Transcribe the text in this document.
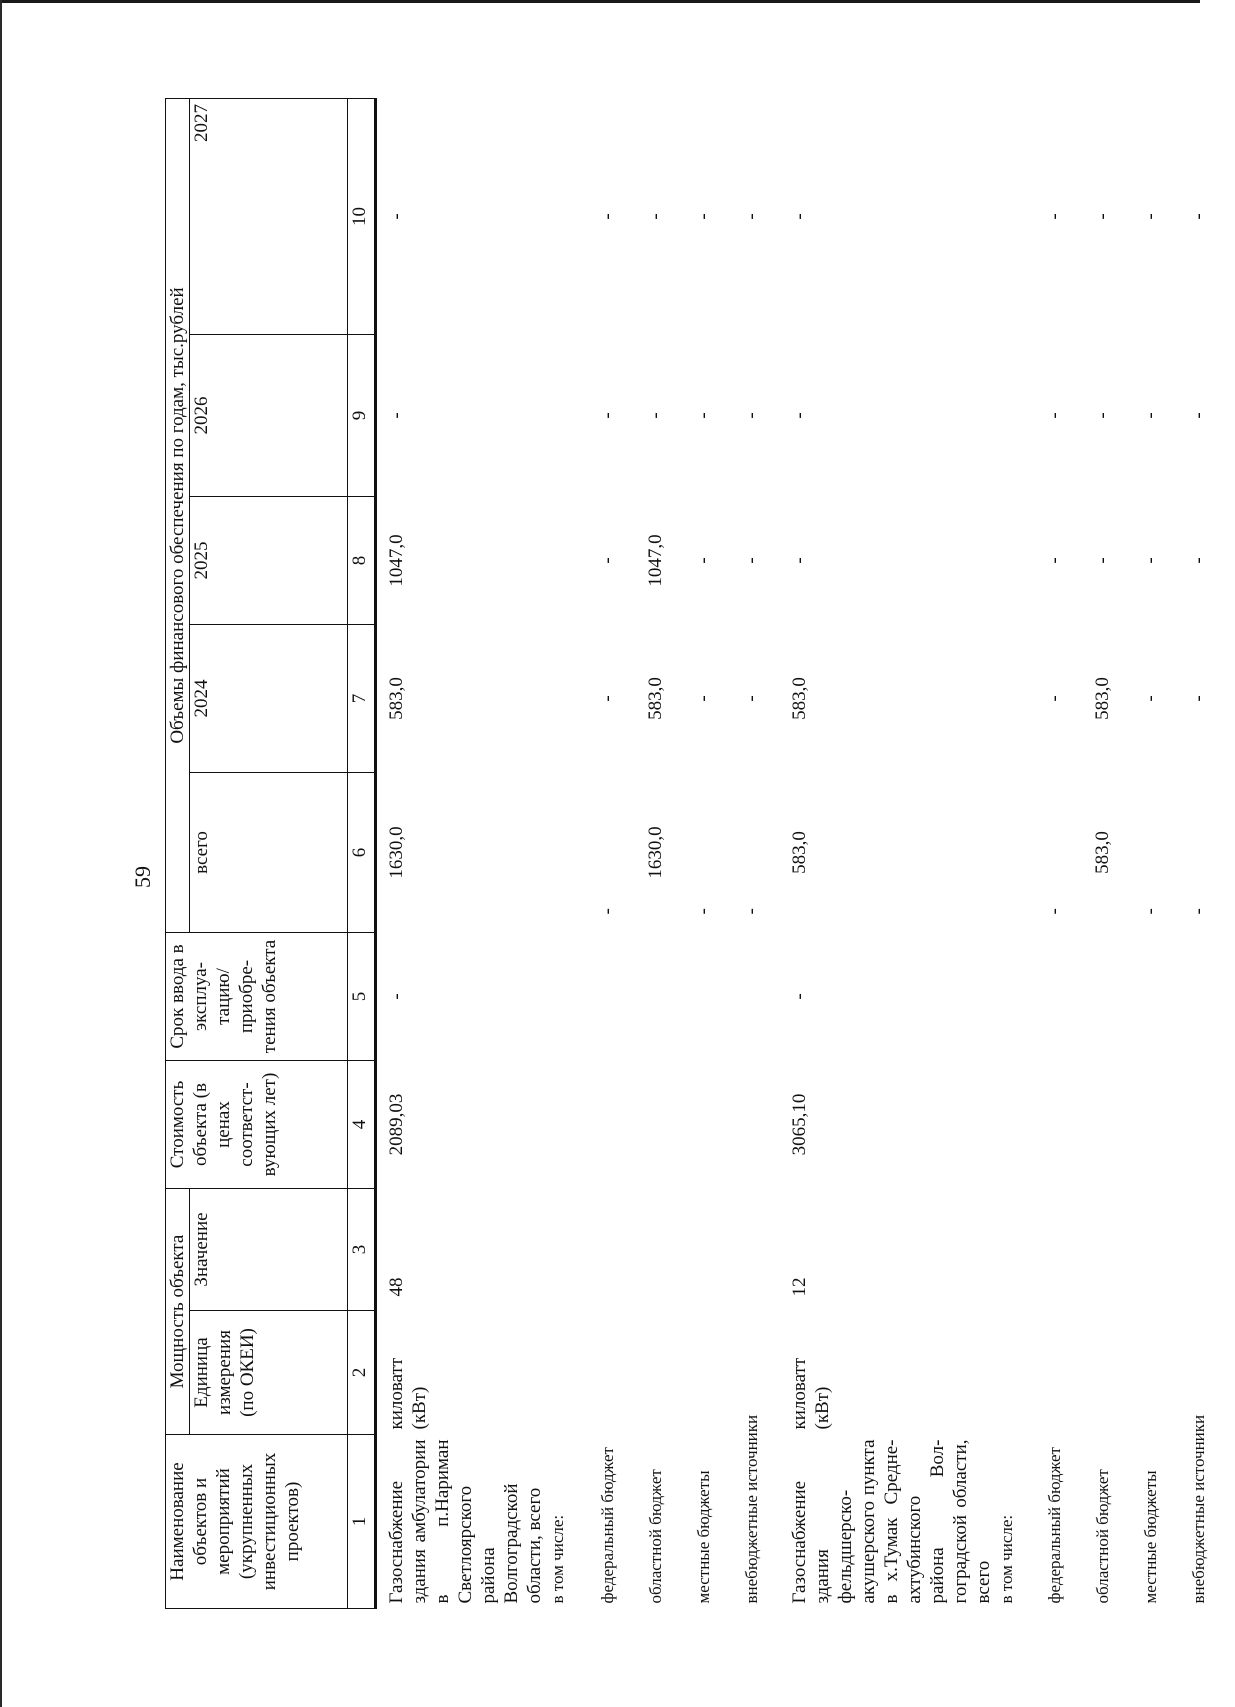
59
Наименование объектов и мероприятий (укрупненных инвестиционных проектов)	Мощность объекта		Стоимость объекта (в ценах соответст-вующих лет)	Срок ввода в эксплуа-тацию/ приобре-тения объекта	Объемы финансового обеспечения по годам, тыс.рублей				
	Единица измерения (по ОКЕИ)	Значение			всего	2024	2025	2026	2027
1	2	3	4	5	6	7	8	9	10

Газоснабжение здания амбулатории в п.Нариман Светлоярского района Волгоградской области, всего	киловатт (кВт)	48	2089,03	-	1630,0	583,0	1047,0	-	-
в том числе:									
федеральный бюджет					-	-	-	-	-
областной бюджет					1630,0	583,0	1047,0	-	-
местные бюджеты					-	-	-	-	-
внебюджетные источники					-	-	-	-	-
Газоснабжение здания фельдшерско-акушерского пункта в х.Тумак Средне-ахтубинского района Вол-гоградской области, всего	киловатт (кВт)	12	3065,10	-	583,0	583,0	-	-	-
в том числе:									
федеральный бюджет					-	-	-	-	-
областной бюджет					583,0	583,0	-	-	-
местные бюджеты					-	-	-	-	-
внебюджетные источники					-	-	-	-	-
